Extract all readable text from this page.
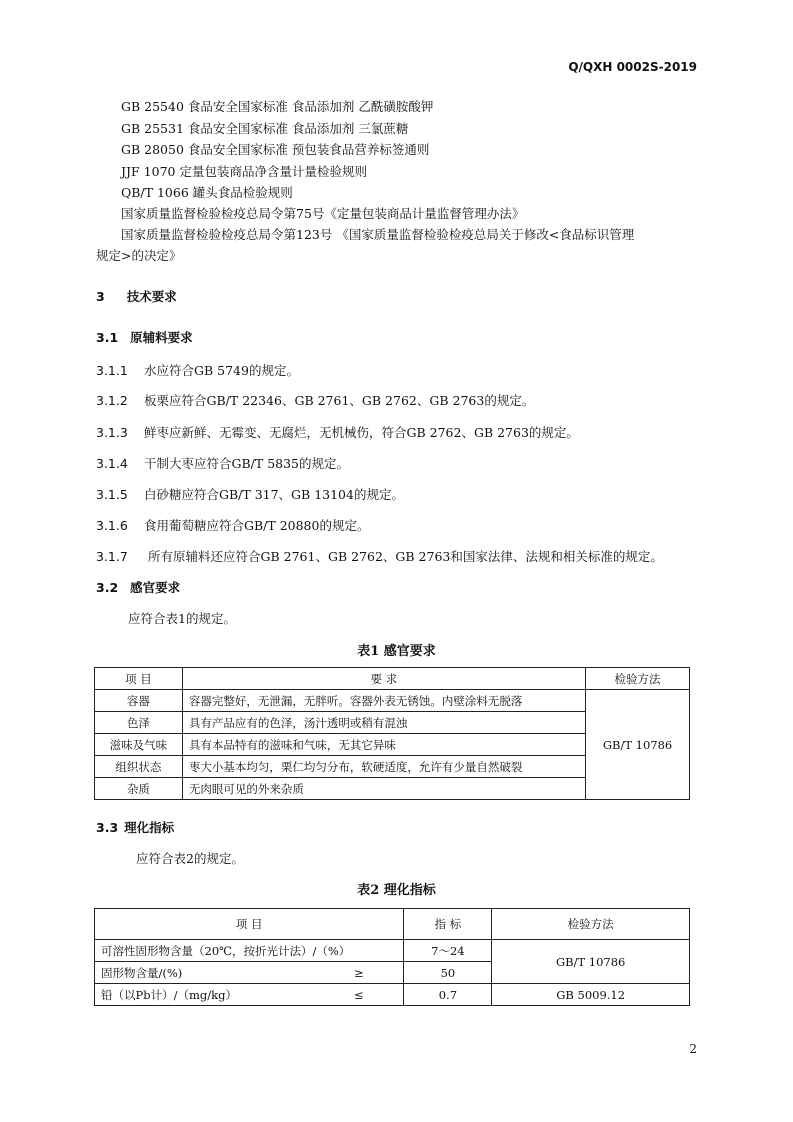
Q/QXH 0002S-2019
GB 25540 食品安全国家标准 食品添加剂 乙酰磺胺酸钾
GB 25531 食品安全国家标准 食品添加剂 三氯蔗糖
GB 28050 食品安全国家标准 预包装食品营养标签通则
JJF 1070 定量包装商品净含量计量检验规则
QB/T 1066 罐头食品检验规则
国家质量监督检验检疫总局令第75号《定量包装商品计量监督管理办法》
国家质量监督检验检疫总局令第123号 《国家质量监督检验检疫总局关于修改<食品标识管理
规定>的决定》
3 技术要求
3.1 原辅料要求
3.1.1 水应符合GB 5749的规定。
3.1.2 板栗应符合GB/T 22346、GB 2761、GB 2762、GB 2763的规定。
3.1.3 鲜枣应新鲜、无霉变、无腐烂，无机械伤，符合GB 2762、GB 2763的规定。
3.1.4 干制大枣应符合GB/T 5835的规定。
3.1.5 白砂糖应符合GB/T 317、GB 13104的规定。
3.1.6 食用葡萄糖应符合GB/T 20880的规定。
3.1.7 所有原辅料还应符合GB 2761、GB 2762、GB 2763和国家法律、法规和相关标准的规定。
3.2 感官要求
应符合表1的规定。
表1 感官要求
项 目	要 求	检验方法
容器	容器完整好，无泄漏，无胖听。容器外表无锈蚀。内壁涂料无脱落	GB/T 10786
色泽	具有产品应有的色泽，汤汁透明或稍有混浊	
滋味及气味	具有本品特有的滋味和气味，无其它异味	
组织状态	枣大小基本均匀，栗仁均匀分布，软硬适度，允许有少量自然破裂	
杂质	无肉眼可见的外来杂质	
3.3 理化指标
应符合表2的规定。
表2 理化指标
项 目		指 标	检验方法
可溶性固形物含量（20℃，按折光计法）/（%）		7～24	GB/T 10786
固形物含量/(%)	≥	50	
铅（以Pb计）/（mg/kg）	≤	0.7	GB 5009.12
2
